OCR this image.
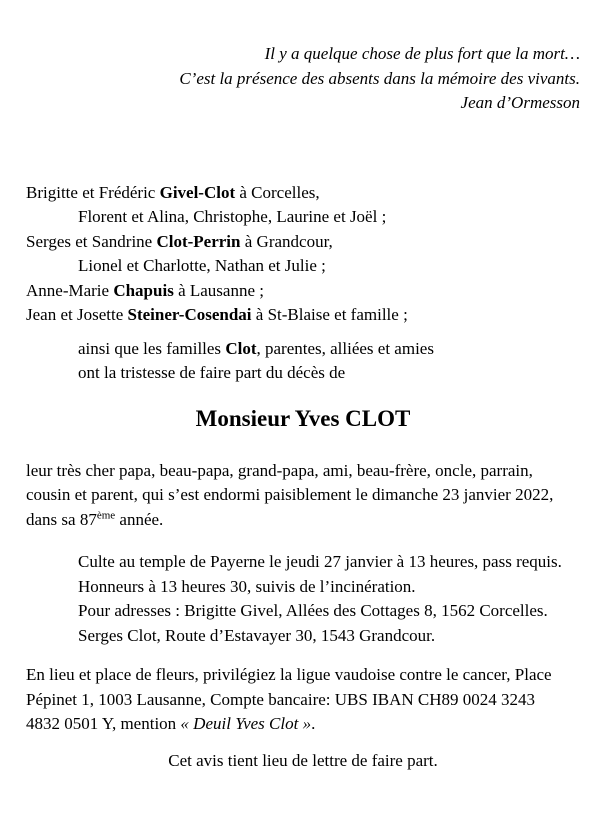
Il y a quelque chose de plus fort que la mort…

C’est la présence des absents dans la mémoire des vivants.

Jean d’Ormesson

Brigitte et Frédéric Givel-Clot à Corcelles,

Florent et Alina, Christophe, Laurine et Joël ;

Serges et Sandrine Clot-Perrin à Grandcour,

Lionel et Charlotte, Nathan et Julie ;

Anne-Marie Chapuis à Lausanne ;

Jean et Josette Steiner-Cosendai à St-Blaise et famille ;

ainsi que les familles Clot, parentes, alliées et amies

ont la tristesse de faire part du décès de

Monsieur Yves CLOT

leur très cher papa, beau-papa, grand-papa, ami, beau-frère, oncle, parrain,

cousin et parent, qui s’est endormi paisiblement le dimanche 23 janvier 2022,

dans sa 87ème année.

Culte au temple de Payerne le jeudi 27 janvier à 13 heures, pass requis.

Honneurs à 13 heures 30, suivis de l’incinération.

Pour adresses : Brigitte Givel, Allées des Cottages 8, 1562 Corcelles.

Serges Clot, Route d’Estavayer 30, 1543 Grandcour.

En lieu et place de fleurs, privilégiez la ligue vaudoise contre le cancer, Place

Pépinet 1, 1003 Lausanne, Compte bancaire: UBS IBAN CH89 0024 3243

4832 0501 Y, mention « Deuil Yves Clot ».

Cet avis tient lieu de lettre de faire part.
